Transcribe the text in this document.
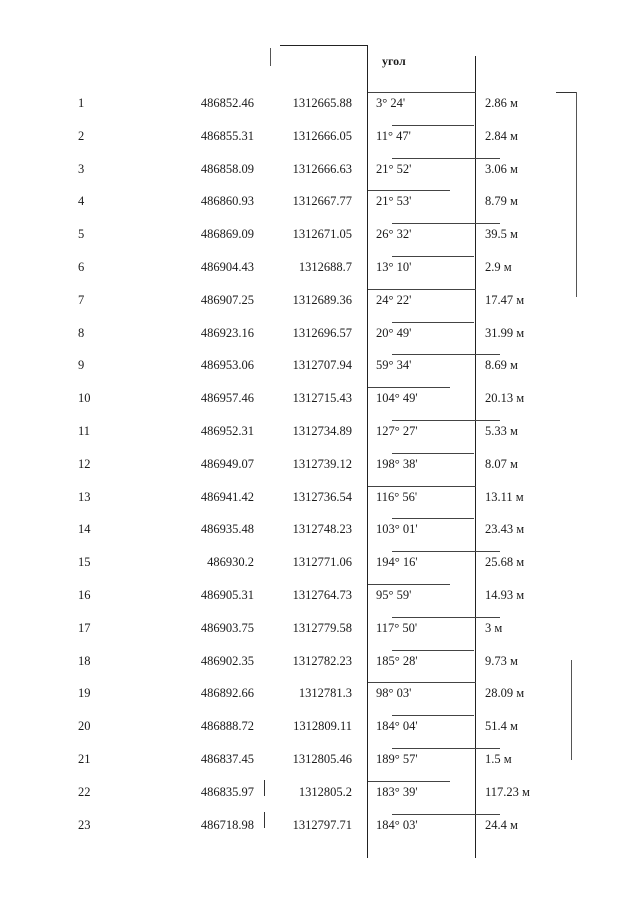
угол
1	486852.46	1312665.88 3° 24'	2.86 м
2	486855.31	1312666.05 11° 47'	2.84 м
3	486858.09	1312666.63 21° 52'	3.06 м
4	486860.93	1312667.77 21° 53'	8.79 м
5	486869.09	1312671.05 26° 32'	39.5 м
6	486904.43	1312688.7 13° 10'	2.9 м
7	486907.25	1312689.36 24° 22'	17.47 м
8	486923.16	1312696.57 20° 49'	31.99 м
9	486953.06	1312707.94 59° 34'	8.69 м
10	486957.46	1312715.43 104° 49'	20.13 м
11	486952.31	1312734.89 127° 27'	5.33 м
12	486949.07	1312739.12 198° 38'	8.07 м
13	486941.42	1312736.54 116° 56'	13.11 м
14	486935.48	1312748.23 103° 01'	23.43 м
15	486930.2	1312771.06 194° 16'	25.68 м
16	486905.31	1312764.73 95° 59'	14.93 м
17	486903.75	1312779.58 117° 50'	3 м
18	486902.35	1312782.23 185° 28'	9.73 м
19	486892.66	1312781.3 98° 03'	28.09 м
20	486888.72	1312809.11 184° 04'	51.4 м
21	486837.45	1312805.46 189° 57'	1.5 м
22	486835.97	1312805.2 183° 39'	117.23 м
23	486718.98	1312797.71 184° 03'	24.4 м
